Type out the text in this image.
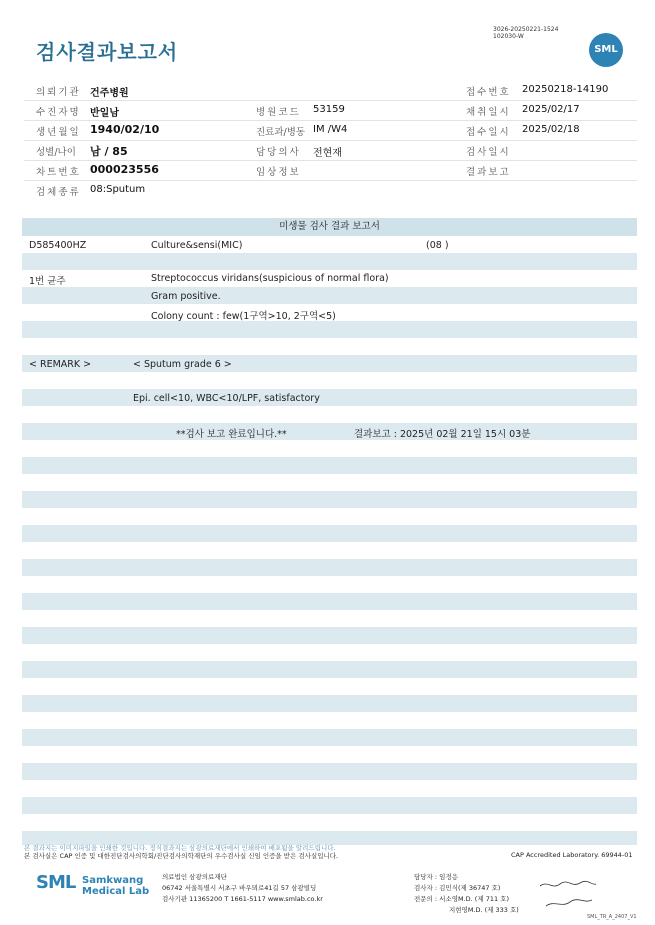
검사결과보고서
3026-20250221-1524
102030-W
SML
의뢰기관 건주병원	접수번호 20250218-14190
수진자명 반일남	병원코드 53159	채취일시 2025/02/17
생년월일 1940/02/10	진료과/병동 IM /W4	접수일시 2025/02/18
성별/나이 남 / 85	담당의사 전현재	검사일시
차트번호 000023556	임상정보	결과보고
검체종류 08:Sputum
미생물 검사 결과 보고서
D585400HZ	Culture&sensi(MIC)	(08 )
1번 균주	Streptococcus viridans(suspicious of normal flora)
Gram positive.
Colony count : few(1구역>10, 2구역<5)
< REMARK >	< Sputum grade 6 >
Epi. cell<10, WBC<10/LPF, satisfactory
**검사 보고 완료입니다.**	결과보고 : 2025년 02월 21일 15시 03분
본 결과지는 이미지파일을 인쇄한 것입니다. 정식결과지는 삼광의료재단에서 인쇄하여 배포됨을 알려드립니다.
본 검사실은 CAP 인증 및 대한진단검사의학회/진단검사의학재단의 우수검사실 신임 인증을 받은 검사실입니다.	CAP Accredited Laboratory. 69944-01
SML Samkwang
Medical Lab
의료법인 삼광의료재단
06742 서울특별시 서초구 바우뫼로41길 57 삼광빌딩
검사기관 11365200 T 1661-5117 www.smlab.co.kr
담당자 : 임정응
검사자 : 김민식(제 36747 호)
전문의 : 서소영M.D. (제 711 호)
지현영M.D. (제 333 호)
SML_TR_A_2407_V1
